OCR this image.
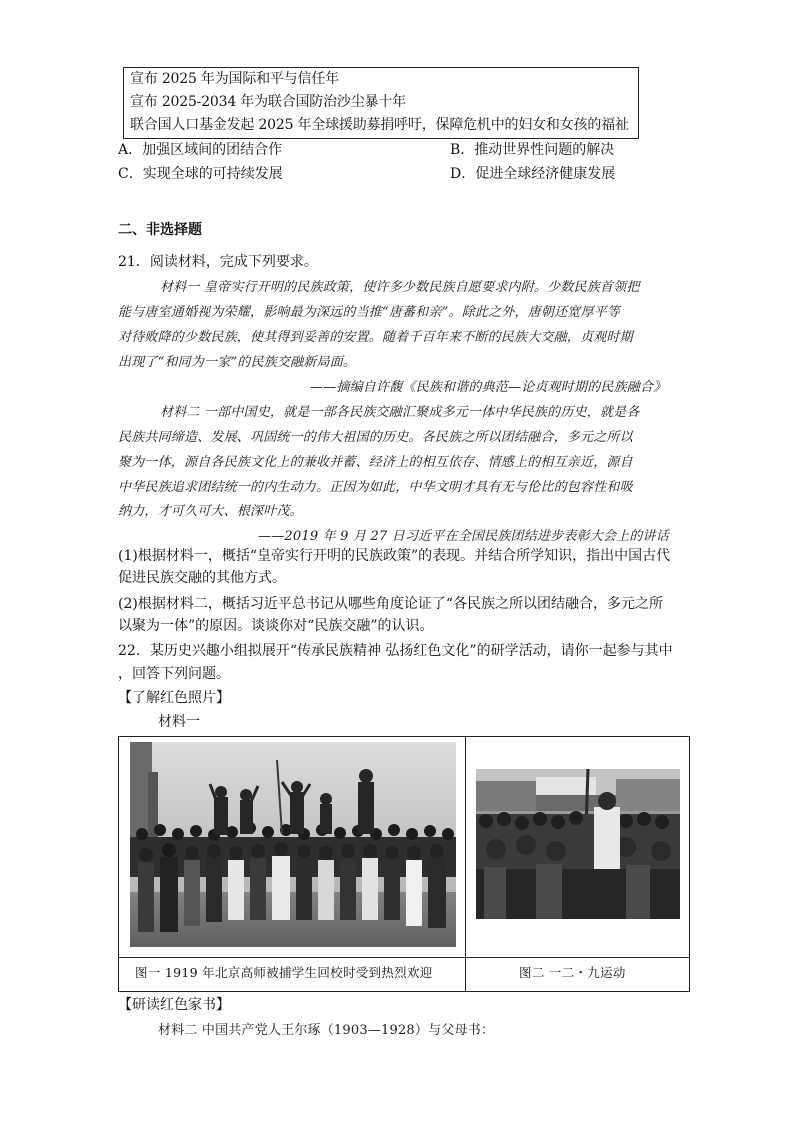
宣布 2025 年为国际和平与信任年
宣布 2025-2034 年为联合国防治沙尘暴十年
联合国人口基金发起 2025 年全球援助募捐呼吁，保障危机中的妇女和女孩的福祉
A．加强区域间的团结合作	B．推动世界性问题的解决
C．实现全球的可持续发展	D．促进全球经济健康发展
二、非选择题
21．阅读材料，完成下列要求。
材料一 皇帝实行开明的民族政策，使许多少数民族自愿要求内附。少数民族首领把
能与唐室通婚视为荣耀，影响最为深远的当推“唐蕃和亲”。除此之外，唐朝还宽厚平等
对待败降的少数民族，使其得到妥善的安置。随着千百年来不断的民族大交融，贞观时期
出现了“和同为一家”的民族交融新局面。
——摘编自许馥《民族和谐的典范—论贞观时期的民族融合》
材料二 一部中国史，就是一部各民族交融汇聚成多元一体中华民族的历史，就是各
民族共同缔造、发展、巩固统一的伟大祖国的历史。各民族之所以团结融合，多元之所以
聚为一体，源自各民族文化上的兼收并蓄、经济上的相互依存、情感上的相互亲近，源自
中华民族追求团结统一的内生动力。正因为如此，中华文明才具有无与伦比的包容性和吸
纳力，才可久可大、根深叶茂。
——2019 年 9 月 27 日习近平在全国民族团结进步表彰大会上的讲话
(1)根据材料一，概括“皇帝实行开明的民族政策”的表现。并结合所学知识，指出中国古代
促进民族交融的其他方式。
(2)根据材料二，概括习近平总书记从哪些角度论证了“各民族之所以团结融合，多元之所
以聚为一体”的原因。谈谈你对“民族交融”的认识。
22．某历史兴趣小组拟展开“传承民族精神 弘扬红色文化”的研学活动，请你一起参与其中
，回答下列问题。
【了解红色照片】
材料一
图一 1919 年北京高师被捕学生回校时受到热烈欢迎	图二 一二・九运动
【研读红色家书】
材料二 中国共产党人王尔琢（1903—1928）与父母书：
